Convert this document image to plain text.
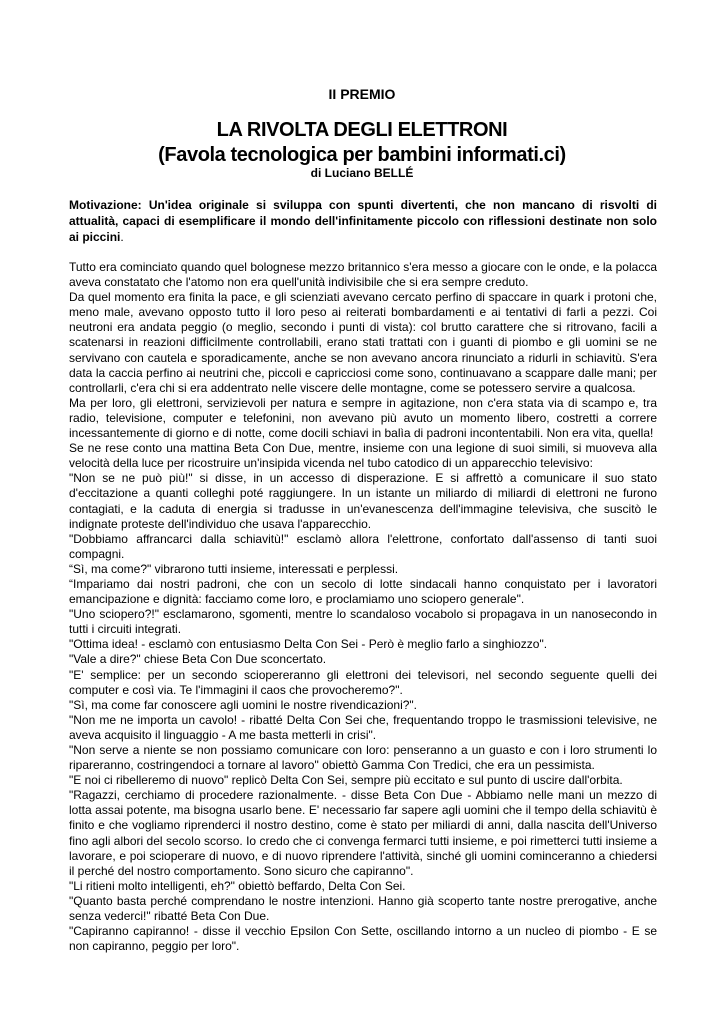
II PREMIO
LA RIVOLTA DEGLI ELETTRONI
(Favola tecnologica per bambini informati.ci)
di Luciano BELLÉ
Motivazione: Un'idea originale si sviluppa con spunti divertenti, che non mancano di risvolti di attualità, capaci di esemplificare il mondo dell'infinitamente piccolo con riflessioni destinate non solo ai piccini.

Tutto era cominciato quando quel bolognese mezzo britannico s'era messo a giocare con le onde, e la polacca aveva constatato che l'atomo non era quell'unità indivisibile che si era sempre creduto.

Da quel momento era finita la pace, e gli scienziati avevano cercato perfino di spaccare in quark i protoni che, meno male, avevano opposto tutto il loro peso ai reiterati bombardamenti e ai tentativi di farli a pezzi. Coi neutroni era andata peggio (o meglio, secondo i punti di vista): col brutto carattere che si ritrovano, facili a scatenarsi in reazioni difficilmente controllabili, erano stati trattati con i guanti di piombo e gli uomini se ne servivano con cautela e sporadicamente, anche se non avevano ancora rinunciato a ridurli in schiavitù. S'era data la caccia perfino ai neutrini che, piccoli e capricciosi come sono, continuavano a scappare dalle mani; per controllarli, c'era chi si era addentrato nelle viscere delle montagne, come se potessero servire a qualcosa.

Ma per loro, gli elettroni, servizievoli per natura e sempre in agitazione, non c'era stata via di scampo e, tra radio, televisione, computer e telefonini, non avevano più avuto un momento libero, costretti a correre incessantemente di giorno e di notte, come docili schiavi in balìa di padroni incontentabili. Non era vita, quella!

Se ne rese conto una mattina Beta Con Due, mentre, insieme con una legione di suoi simili, si muoveva alla velocità della luce per ricostruire un'insipida vicenda nel tubo catodico di un apparecchio televisivo:

"Non se ne può più!" si disse, in un accesso di disperazione. E si affrettò a comunicare il suo stato d'eccitazione a quanti colleghi poté raggiungere. In un istante un miliardo di miliardi di elettroni ne furono contagiati, e la caduta di energia si tradusse in un'evanescenza dell'immagine televisiva, che suscitò le indignate proteste dell'individuo che usava l'apparecchio.

"Dobbiamo affrancarci dalla schiavitù!" esclamò allora l'elettrone, confortato dall'assenso di tanti suoi compagni.

“Sì, ma come?" vibrarono tutti insieme, interessati e perplessi.

“Impariamo dai nostri padroni, che con un secolo di lotte sindacali hanno conquistato per i lavoratori emancipazione e dignità: facciamo come loro, e proclamiamo uno sciopero generale".

"Uno sciopero?!" esclamarono, sgomenti, mentre lo scandaloso vocabolo si propagava in un nanosecondo in tutti i circuiti integrati.

"Ottima idea! - esclamò con entusiasmo Delta Con Sei - Però è meglio farlo a singhiozzo".

"Vale a dire?" chiese Beta Con Due sconcertato.

"E' semplice: per un secondo sciopereranno gli elettroni dei televisori, nel secondo seguente quelli dei computer e così via. Te l'immagini il caos che provocheremo?".

"Sì, ma come far conoscere agli uomini le nostre rivendicazioni?".

"Non me ne importa un cavolo! - ribatté Delta Con Sei che, frequentando troppo le trasmissioni televisive, ne aveva acquisito il linguaggio - A me basta metterli in crisi".

"Non serve a niente se non possiamo comunicare con loro: penseranno a un guasto e con i loro strumenti lo ripareranno, costringendoci a tornare al lavoro" obiettò Gamma Con Tredici, che era un pessimista.

"E noi ci ribelleremo di nuovo" replicò Delta Con Sei, sempre più eccitato e sul punto di uscire dall'orbita.

"Ragazzi, cerchiamo di procedere razionalmente. - disse Beta Con Due - Abbiamo nelle mani un mezzo di lotta assai potente, ma bisogna usarlo bene. E' necessario far sapere agli uomini che il tempo della schiavitù è finito e che vogliamo riprenderci il nostro destino, come è stato per miliardi di anni, dalla nascita dell'Universo fino agli albori del secolo scorso. Io credo che ci convenga fermarci tutti insieme, e poi rimetterci tutti insieme a lavorare, e poi scioperare di nuovo, e di nuovo riprendere l'attività, sinché gli uomini cominceranno a chiedersi il perché del nostro comportamento. Sono sicuro che capiranno".

"Li ritieni molto intelligenti, eh?" obiettò beffardo, Delta Con Sei.

"Quanto basta perché comprendano le nostre intenzioni. Hanno già scoperto tante nostre prerogative, anche senza vederci!" ribatté Beta Con Due.

"Capiranno capiranno! - disse il vecchio Epsilon Con Sette, oscillando intorno a un nucleo di piombo - E se non capiranno, peggio per loro".
